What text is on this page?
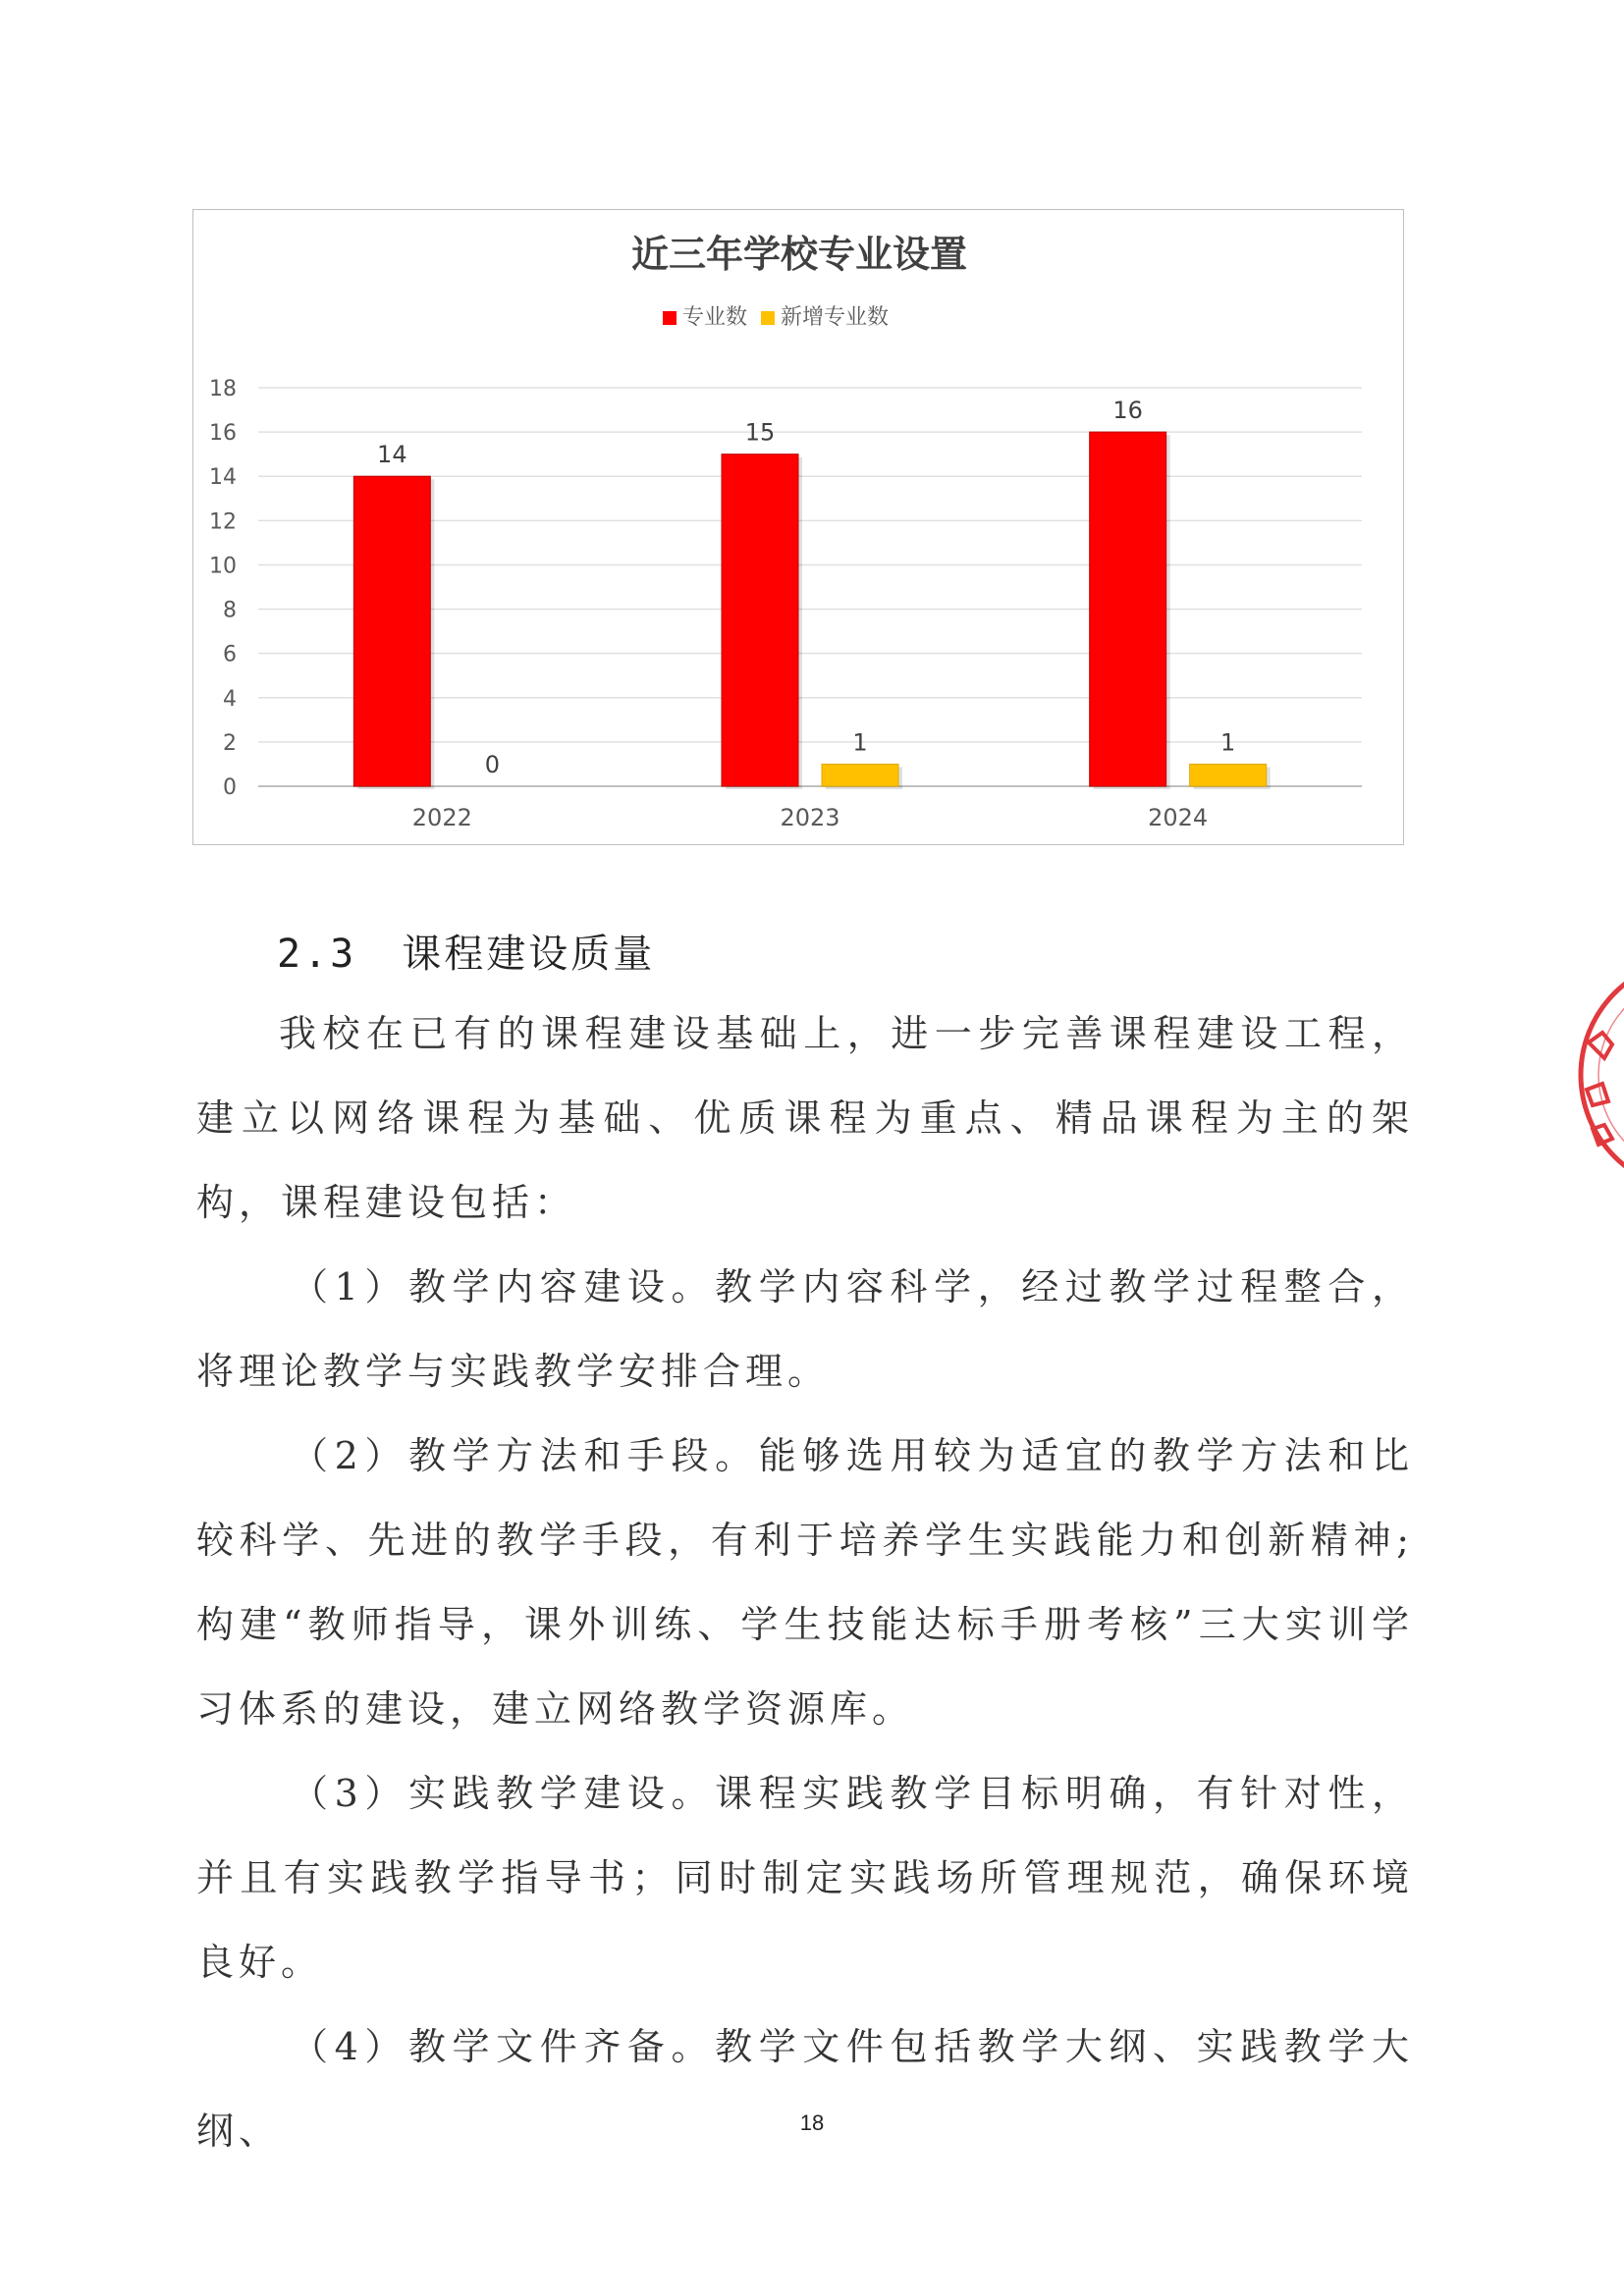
近三年学校专业设置
专业数 新增专业数
0
2
4
6
8
10
12
14
16
18
14
0
15
1
16
1
2022	2023	2024
2.3 课程建设质量

我校在已有的课程建设基础上，进一步完善课程建设工程，建立以网络课程为基础、优质课程为重点、精品课程为主的架构，课程建设包括：

（1）教学内容建设。教学内容科学，经过教学过程整合，将理论教学与实践教学安排合理。

（2）教学方法和手段。能够选用较为适宜的教学方法和比较科学、先进的教学手段，有利于培养学生实践能力和创新精神;构建“教师指导，课外训练、学生技能达标手册考核”三大实训学习体系的建设，建立网络教学资源库。

（3）实践教学建设。课程实践教学目标明确，有针对性，并且有实践教学指导书；同时制定实践场所管理规范，确保环境良好。

（4）教学文件齐备。教学文件包括教学大纲、实践教学大纲、	18
